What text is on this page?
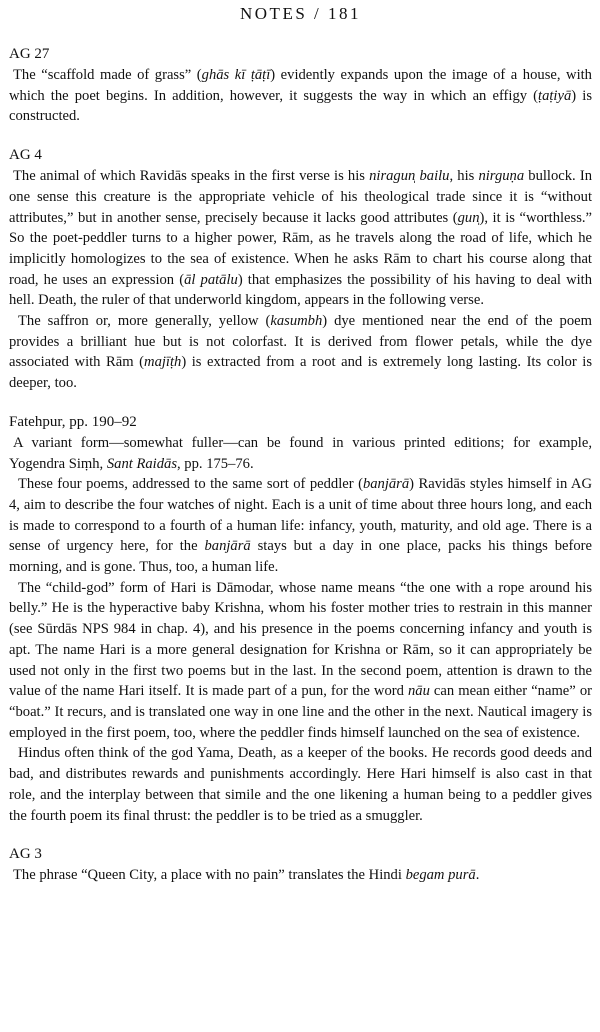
NOTES / 181
AG 27

The “scaffold made of grass” (ghās kī ṭāṭī) evidently expands upon the image of a house, with which the poet begins. In addition, however, it suggests the way in which an effigy (ṭaṭiyā) is constructed.

AG 4

The animal of which Ravidās speaks in the first verse is his niragun̩ bailu, his nirguṇa bullock. In one sense this creature is the appropriate vehicle of his theological trade since it is “without attributes,” but in another sense, precisely because it lacks good attributes (gun̩), it is “worthless.” So the poet-peddler turns to a higher power, Rām, as he travels along the road of life, which he implicitly homologizes to the sea of existence. When he asks Rām to chart his course along that road, he uses an expression (āl patālu) that emphasizes the possibility of his having to deal with hell. Death, the ruler of that underworld kingdom, appears in the following verse.

The saffron or, more generally, yellow (kasumbh) dye mentioned near the end of the poem provides a brilliant hue but is not colorfast. It is derived from flower petals, while the dye associated with Rām (majīṭh) is extracted from a root and is extremely long lasting. Its color is deeper, too.

Fatehpur, pp. 190–92

A variant form—somewhat fuller—can be found in various printed editions; for example, Yogendra Siṃh, Sant Raidās, pp. 175–76.

These four poems, addressed to the same sort of peddler (banjārā) Ravidās styles himself in AG 4, aim to describe the four watches of night. Each is a unit of time about three hours long, and each is made to correspond to a fourth of a human life: infancy, youth, maturity, and old age. There is a sense of urgency here, for the banjārā stays but a day in one place, packs his things before morning, and is gone. Thus, too, a human life.

The “child-god” form of Hari is Dāmodar, whose name means “the one with a rope around his belly.” He is the hyperactive baby Krishna, whom his foster mother tries to restrain in this manner (see Sūrdās NPS 984 in chap. 4), and his presence in the poems concerning infancy and youth is apt. The name Hari is a more general designation for Krishna or Rām, so it can appropriately be used not only in the first two poems but in the last. In the second poem, attention is drawn to the value of the name Hari itself. It is made part of a pun, for the word nāu can mean either “name” or “boat.” It recurs, and is translated one way in one line and the other in the next. Nautical imagery is employed in the first poem, too, where the peddler finds himself launched on the sea of existence.

Hindus often think of the god Yama, Death, as a keeper of the books. He records good deeds and bad, and distributes rewards and punishments accordingly. Here Hari himself is also cast in that role, and the interplay between that simile and the one likening a human being to a peddler gives the fourth poem its final thrust: the peddler is to be tried as a smuggler.

AG 3

The phrase “Queen City, a place with no pain” translates the Hindi begam purā.
